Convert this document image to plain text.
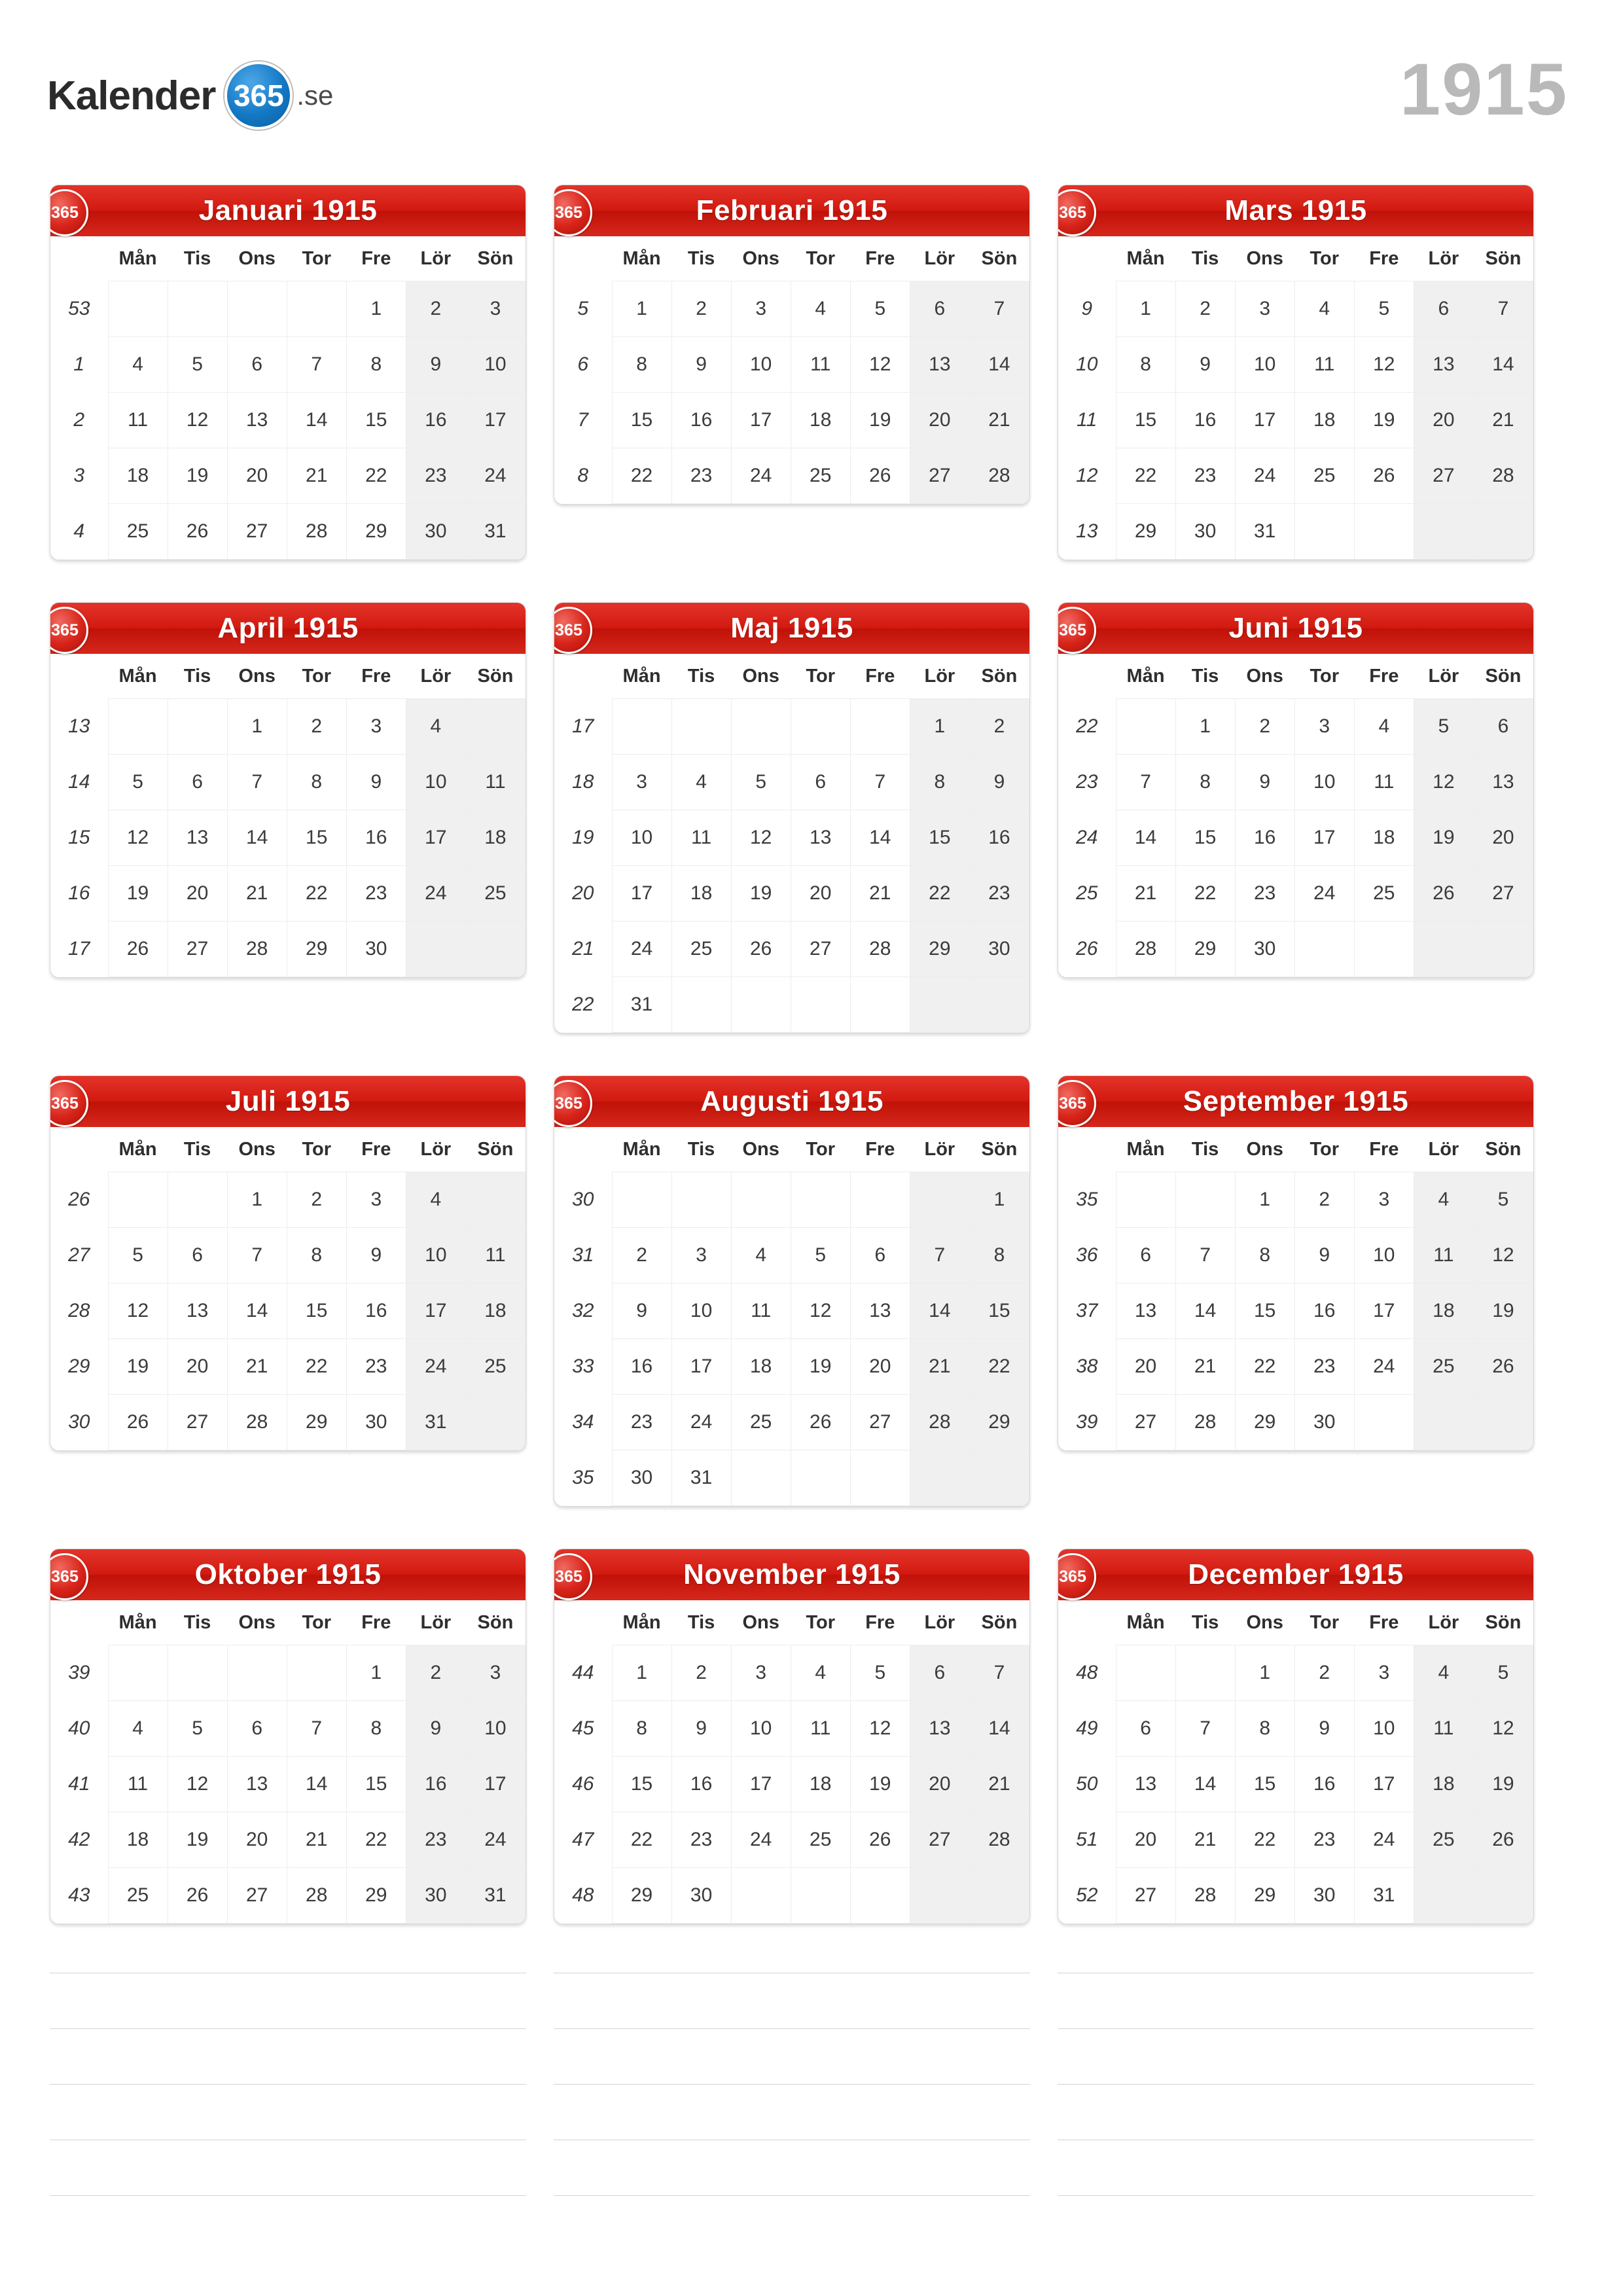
Kalender 365 .se	1915
365	Januari 1915
	Mån	Tis	Ons	Tor	Fre	Lör	Sön
53					1	2	3
1	4	5	6	7	8	9	10
2	11	12	13	14	15	16	17
3	18	19	20	21	22	23	24
4	25	26	27	28	29	30	31
365	Februari 1915
	Mån	Tis	Ons	Tor	Fre	Lör	Sön
5	1	2	3	4	5	6	7
6	8	9	10	11	12	13	14
7	15	16	17	18	19	20	21
8	22	23	24	25	26	27	28
365	Mars 1915
	Mån	Tis	Ons	Tor	Fre	Lör	Sön
9	1	2	3	4	5	6	7
10	8	9	10	11	12	13	14
11	15	16	17	18	19	20	21
12	22	23	24	25	26	27	28
13	29	30	31				
365	April 1915
	Mån	Tis	Ons	Tor	Fre	Lör	Sön
13			1	2	3	4	
14	5	6	7	8	9	10	11
15	12	13	14	15	16	17	18
16	19	20	21	22	23	24	25
17	26	27	28	29	30		
365	Maj 1915
	Mån	Tis	Ons	Tor	Fre	Lör	Sön
17						1	2
18	3	4	5	6	7	8	9
19	10	11	12	13	14	15	16
20	17	18	19	20	21	22	23
21	24	25	26	27	28	29	30
22	31						
365	Juni 1915
	Mån	Tis	Ons	Tor	Fre	Lör	Sön
22		1	2	3	4	5	6
23	7	8	9	10	11	12	13
24	14	15	16	17	18	19	20
25	21	22	23	24	25	26	27
26	28	29	30				
365	Juli 1915
	Mån	Tis	Ons	Tor	Fre	Lör	Sön
26			1	2	3	4	
27	5	6	7	8	9	10	11
28	12	13	14	15	16	17	18
29	19	20	21	22	23	24	25
30	26	27	28	29	30	31	
365	Augusti 1915
	Mån	Tis	Ons	Tor	Fre	Lör	Sön
30							1
31	2	3	4	5	6	7	8
32	9	10	11	12	13	14	15
33	16	17	18	19	20	21	22
34	23	24	25	26	27	28	29
35	30	31					
365	September 1915
	Mån	Tis	Ons	Tor	Fre	Lör	Sön
35			1	2	3	4	5
36	6	7	8	9	10	11	12
37	13	14	15	16	17	18	19
38	20	21	22	23	24	25	26
39	27	28	29	30			
365	Oktober 1915
	Mån	Tis	Ons	Tor	Fre	Lör	Sön
39					1	2	3
40	4	5	6	7	8	9	10
41	11	12	13	14	15	16	17
42	18	19	20	21	22	23	24
43	25	26	27	28	29	30	31
365	November 1915
	Mån	Tis	Ons	Tor	Fre	Lör	Sön
44	1	2	3	4	5	6	7
45	8	9	10	11	12	13	14
46	15	16	17	18	19	20	21
47	22	23	24	25	26	27	28
48	29	30					
365	December 1915
	Mån	Tis	Ons	Tor	Fre	Lör	Sön
48			1	2	3	4	5
49	6	7	8	9	10	11	12
50	13	14	15	16	17	18	19
51	20	21	22	23	24	25	26
52	27	28	29	30	31		
365
